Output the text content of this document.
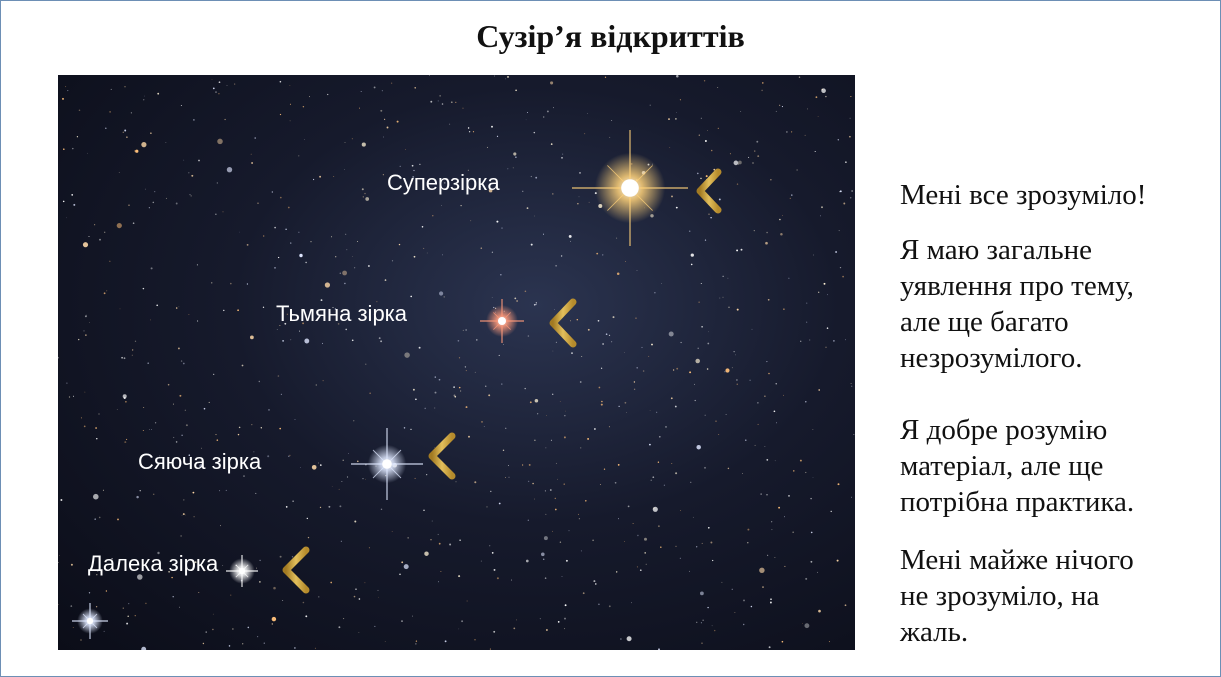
Сузір’я відкриттів
Суперзірка
Тьмяна зірка
Сяюча зірка
Далека зірка
Мені все зрозуміло!
Я маю загальне
уявлення про тему,
але ще багато
незрозумілого.
Я добре розумію
матеріал, але ще
потрібна практика.
Мені майже нічого
не зрозуміло, на
жаль.
